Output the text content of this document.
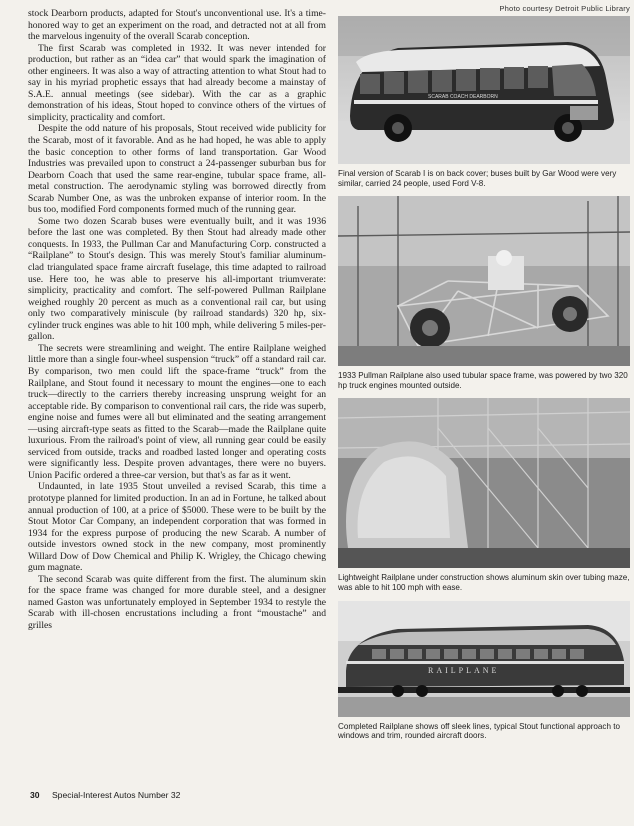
stock Dearborn products, adapted for Stout's unconventional use. It's a time-honored way to get an experiment on the road, and detracted not at all from the marvelous ingenuity of the overall Scarab conception.

The first Scarab was completed in 1932. It was never intended for production, but rather as an “idea car” that would spark the imagination of other engineers. It was also a way of attracting attention to what Stout had to say in his myriad prophetic essays that had already become a mainstay of S.A.E. annual meetings (see sidebar). With the car as a graphic demonstration of his ideas, Stout hoped to convince others of the virtues of simplicity, practicality and comfort.

Despite the odd nature of his proposals, Stout received wide publicity for the Scarab, most of it favorable. And as he had hoped, he was able to apply the basic conception to other forms of land transportation. Gar Wood Industries was prevailed upon to construct a 24-passenger suburban bus for Dearborn Coach that used the same rear-engine, tubular space frame, all-metal construction. The aerodynamic styling was borrowed directly from Scarab Number One, as was the unbroken expanse of interior room. In the bus too, modified Ford components formed much of the running gear.

Some two dozen Scarab buses were eventually built, and it was 1936 before the last one was completed. By then Stout had already made other conquests. In 1933, the Pullman Car and Manufacturing Corp. constructed a “Railplane” to Stout's design. This was merely Stout's familiar aluminum-clad triangulated space frame aircraft fuselage, this time adapted to railroad use. Here too, he was able to preserve his all-important triumverate: simplicity, practicality and comfort. The self-powered Pullman Railplane weighed roughly 20 percent as much as a conventional rail car, but using only two comparatively miniscule (by railroad standards) 320 hp, six-cylinder truck engines was able to hit 100 mph, while delivering 5 miles-per-gallon.

The secrets were streamlining and weight. The entire Railplane weighed little more than a single four-wheel suspension “truck” off a standard rail car. By comparison, two men could lift the space-frame “truck” from the Railplane, and Stout found it necessary to mount the engines—one to each truck—directly to the carriers thereby increasing unsprung weight for an acceptable ride. By comparison to conventional rail cars, the ride was superb, engine noise and fumes were all but eliminated and the seating arrangement—using aircraft-type seats as fitted to the Scarab—made the Railplane quite luxurious. From the railroad's point of view, all running gear could be easily serviced from outside, tracks and roadbed lasted longer and operating costs were significantly less. Despite proven advantages, there were no buyers. Union Pacific ordered a three-car version, but that's as far as it went.

Undaunted, in late 1935 Stout unveiled a revised Scarab, this time a prototype planned for limited production. In an ad in Fortune, he talked about annual production of 100, at a price of $5000. These were to be built by the Stout Motor Car Company, an independent corporation that was formed in 1934 for the express purpose of producing the new Scarab. A number of outside investors owned stock in the new company, most prominently Willard Dow of Dow Chemical and Philip K. Wrigley, the Chicago chewing gum magnate.

The second Scarab was quite different from the first. The aluminum skin for the space frame was changed for more durable steel, and a designer named Gaston was unfortunately employed in September 1934 to restyle the Scarab with ill-chosen encrustations including a front “moustache” and grilles

Photo courtesy Detroit Public Library
SCARAB COACH DEARBORN
Final version of Scarab I is on back cover; buses built by Gar Wood were very similar, carried 24 people, used Ford V-8.
1933 Pullman Railplane also used tubular space frame, was powered by two 320 hp truck engines mounted outside.
Lightweight Railplane under construction shows aluminum skin over tubing maze, was able to hit 100 mph with ease.
RAILPLANE
Completed Railplane shows off sleek lines, typical Stout functional approach to windows and trim, rounded aircraft doors.
30 Special-Interest Autos Number 32
